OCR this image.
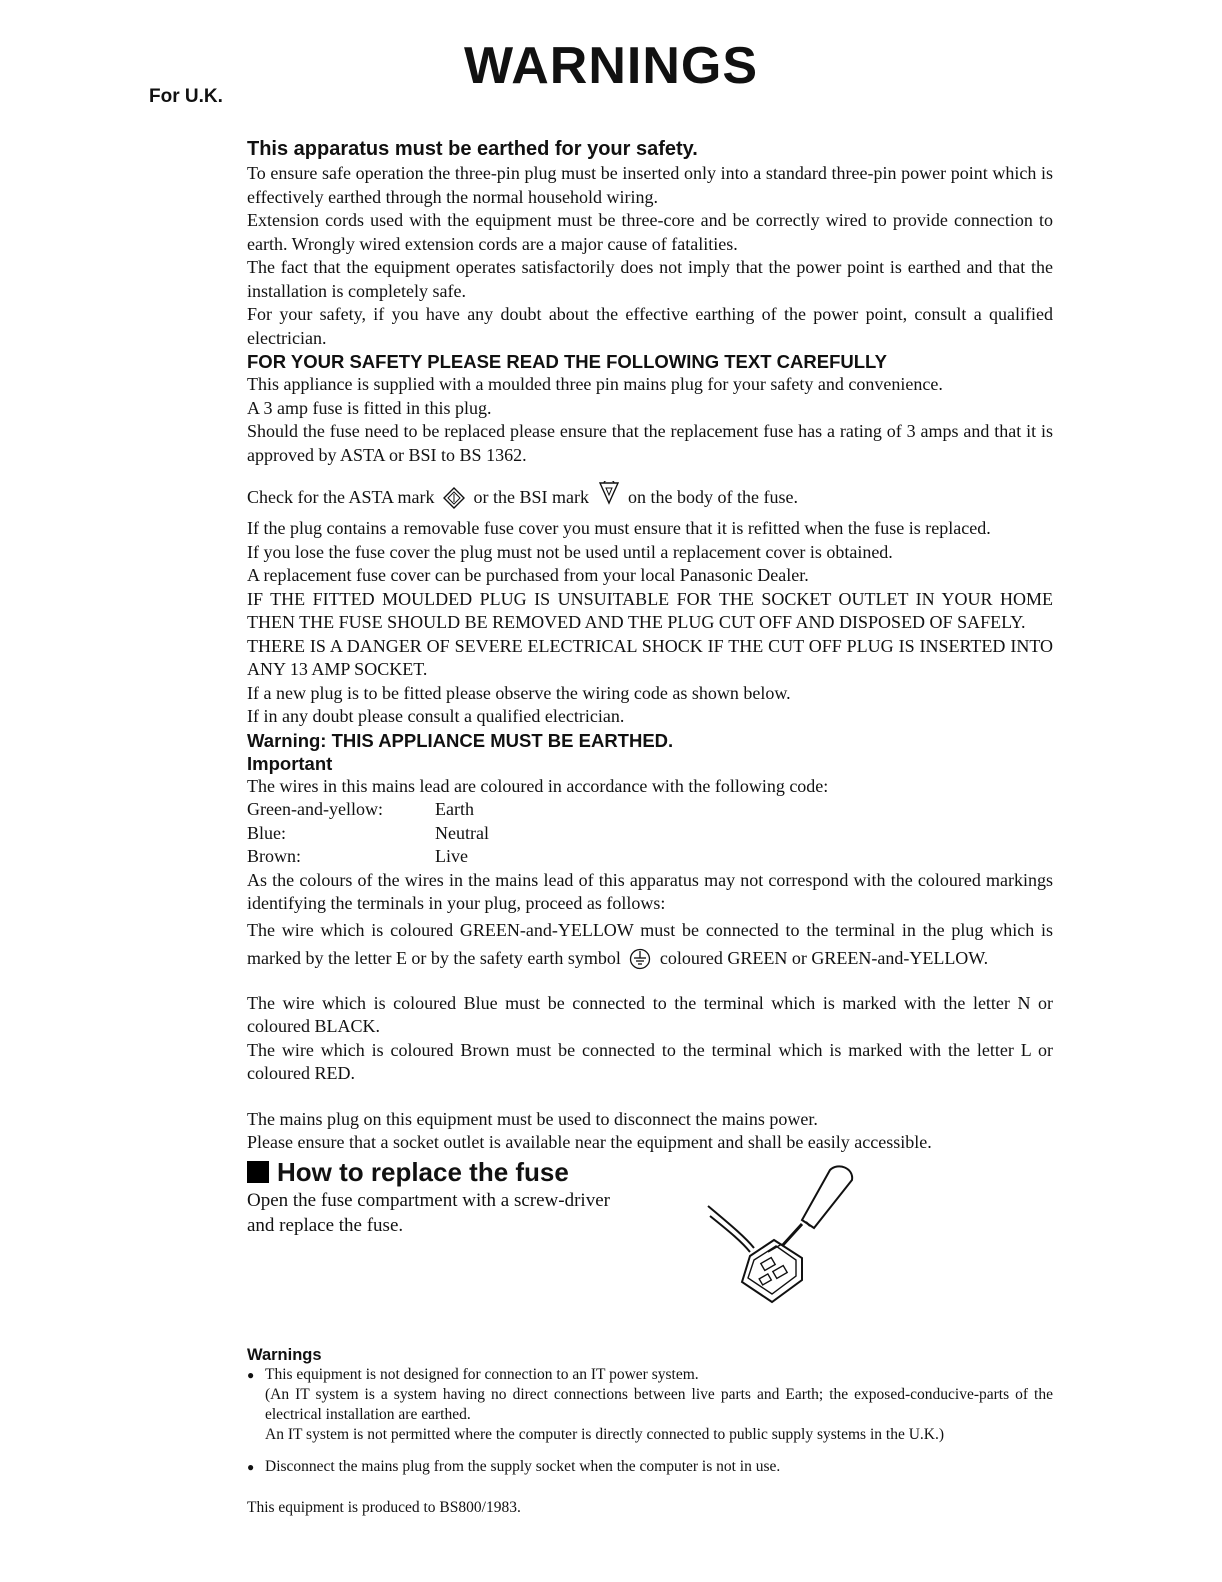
WARNINGS
For U.K.
This apparatus must be earthed for your safety.

To ensure safe operation the three-pin plug must be inserted only into a standard three-pin power point which is effectively earthed through the normal household wiring.

Extension cords used with the equipment must be three-core and be correctly wired to provide connection to earth. Wrongly wired extension cords are a major cause of fatalities.

The fact that the equipment operates satisfactorily does not imply that the power point is earthed and that the installation is completely safe.

For your safety, if you have any doubt about the effective earthing of the power point, consult a qualified electrician.

FOR YOUR SAFETY PLEASE READ THE FOLLOWING TEXT CAREFULLY

This appliance is supplied with a moulded three pin mains plug for your safety and convenience.

A 3 amp fuse is fitted in this plug.

Should the fuse need to be replaced please ensure that the replacement fuse has a rating of 3 amps and that it is approved by ASTA or BSI to BS 1362.

Check for the ASTA mark or the BSI mark on the body of the fuse.

If the plug contains a removable fuse cover you must ensure that it is refitted when the fuse is replaced.

If you lose the fuse cover the plug must not be used until a replacement cover is obtained.

A replacement fuse cover can be purchased from your local Panasonic Dealer.

IF THE FITTED MOULDED PLUG IS UNSUITABLE FOR THE SOCKET OUTLET IN YOUR HOME THEN THE FUSE SHOULD BE REMOVED AND THE PLUG CUT OFF AND DISPOSED OF SAFELY.

THERE IS A DANGER OF SEVERE ELECTRICAL SHOCK IF THE CUT OFF PLUG IS INSERTED INTO ANY 13 AMP SOCKET.

If a new plug is to be fitted please observe the wiring code as shown below.

If in any doubt please consult a qualified electrician.

Warning: THIS APPLIANCE MUST BE EARTHED.
Important

The wires in this mains lead are coloured in accordance with the following code:

Green-and-yellow:	Earth
Blue:	Neutral
Brown:	Live

As the colours of the wires in the mains lead of this apparatus may not correspond with the coloured markings identifying the terminals in your plug, proceed as follows:

The wire which is coloured GREEN-and-YELLOW must be connected to the terminal in the plug which is marked by the letter E or by the safety earth symbol coloured GREEN or GREEN-and-YELLOW.

The wire which is coloured Blue must be connected to the terminal which is marked with the letter N or coloured BLACK.

The wire which is coloured Brown must be connected to the terminal which is marked with the letter L or coloured RED.

The mains plug on this equipment must be used to disconnect the mains power.

Please ensure that a socket outlet is available near the equipment and shall be easily accessible.

How to replace the fuse
Open the fuse compartment with a screw-driver and replace the fuse.
Warnings
● This equipment is not designed for connection to an IT power system.
(An IT system is a system having no direct connections between live parts and Earth; the exposed-conducive-parts of the electrical installation are earthed.
An IT system is not permitted where the computer is directly connected to public supply systems in the U.K.)
● Disconnect the mains plug from the supply socket when the computer is not in use.
This equipment is produced to BS800/1983.
